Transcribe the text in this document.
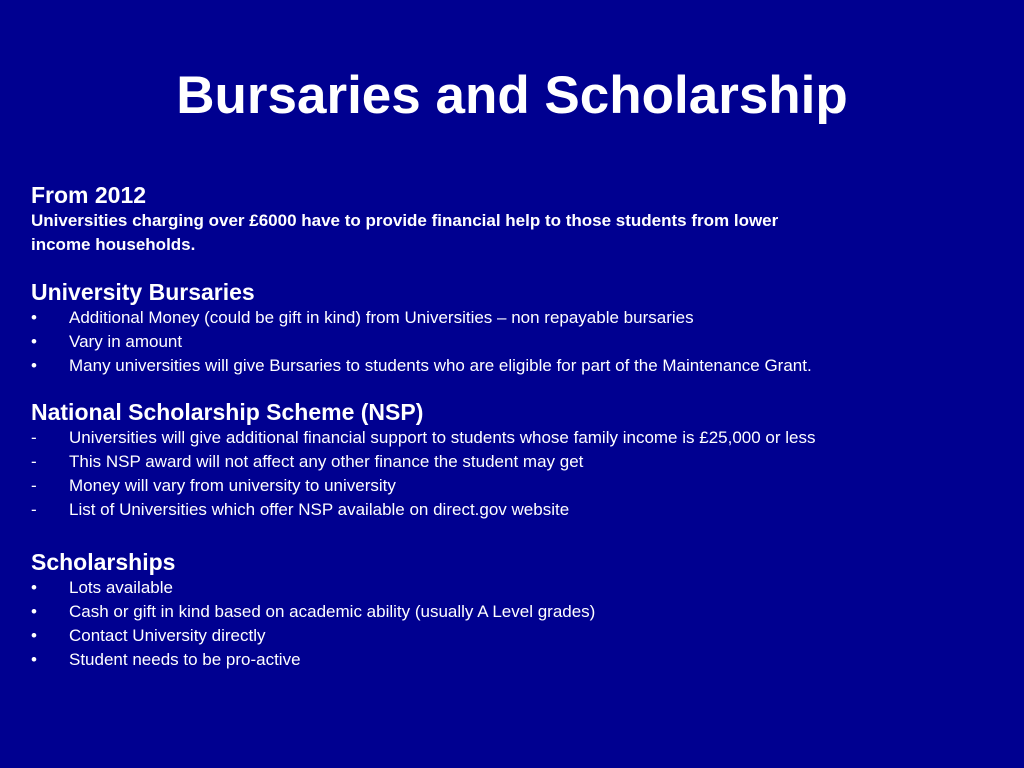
Bursaries and Scholarship

From 2012

Universities charging over £6000 have to provide financial help to those students from lower income households.

University Bursaries

•	Additional Money (could be gift in kind) from Universities – non repayable bursaries
•	Vary in amount
•	Many universities will give Bursaries to students who are eligible for part of the Maintenance Grant.

National Scholarship Scheme (NSP)

-	Universities will give additional financial support to students whose family income is £25,000 or less
-	This NSP award will not affect any other finance the student may get
-	Money will vary from university to university
-	List of Universities which offer NSP available on direct.gov website

Scholarships

•	Lots available
•	Cash or gift in kind based on academic ability (usually A Level grades)
•	Contact University directly
•	Student needs to be pro-active
